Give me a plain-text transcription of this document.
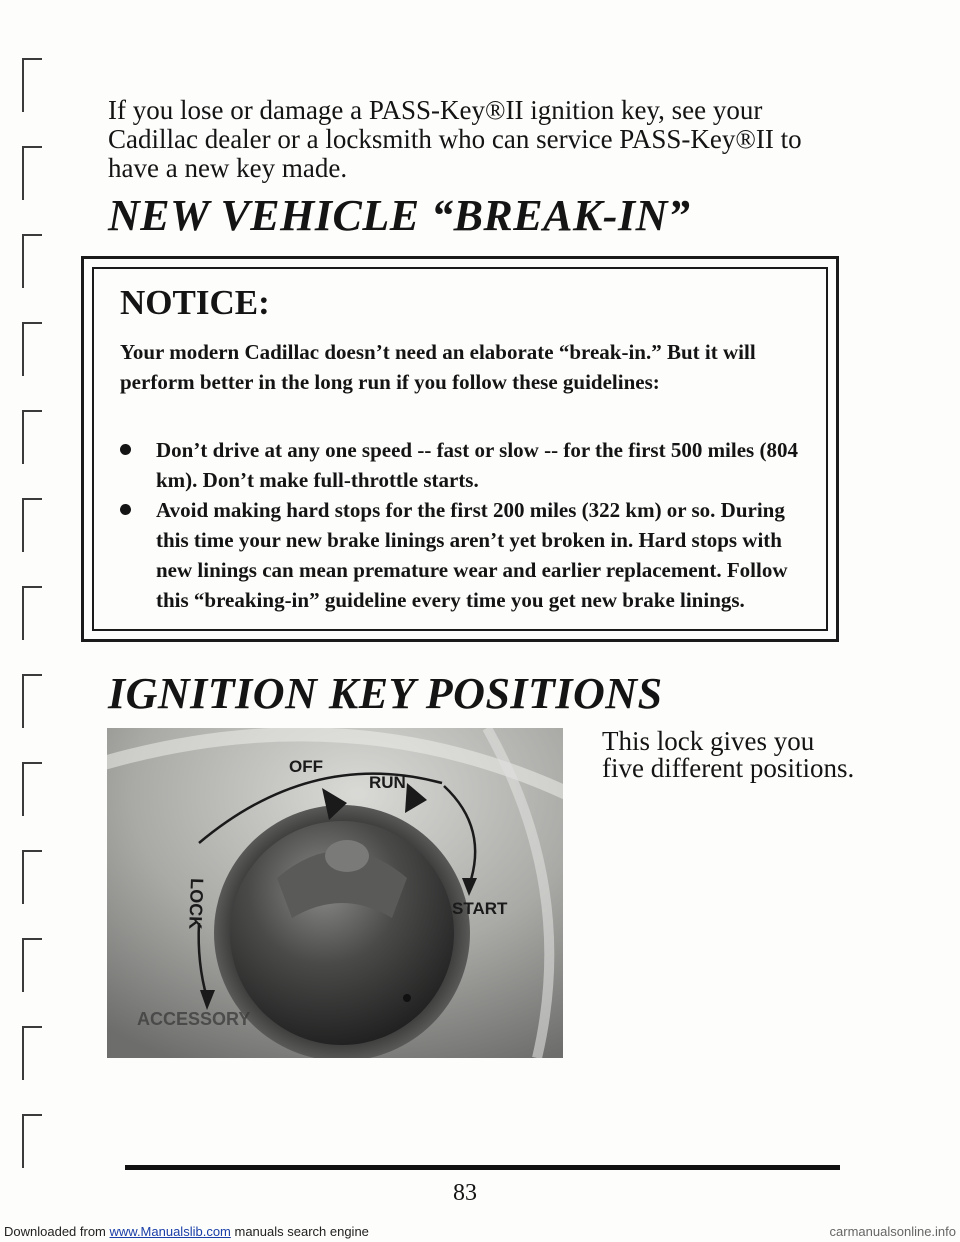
If you lose or damage a PASS-Key®II ignition key, see your Cadillac dealer or a locksmith who can service PASS-Key®II to have a new key made.

NEW VEHICLE “BREAK-IN”
NOTICE:

Your modern Cadillac doesn’t need an elaborate “break-in.” But it will perform better in the long run if you follow these guidelines:

Don’t drive at any one speed -- fast or slow -- for the first 500 miles (804 km). Don’t make full-throttle starts.
Avoid making hard stops for the first 200 miles (322 km) or so. During this time your new brake linings aren’t yet broken in. Hard stops with new linings can mean premature wear and earlier replacement. Follow this “breaking-in” guideline every time you get new brake linings.
IGNITION KEY POSITIONS
OFF
RUN
START
LOCK
ACCESSORY

This lock gives you five different positions.

83

Downloaded from www.Manualslib.com manuals search engine	carmanualsonline.info
